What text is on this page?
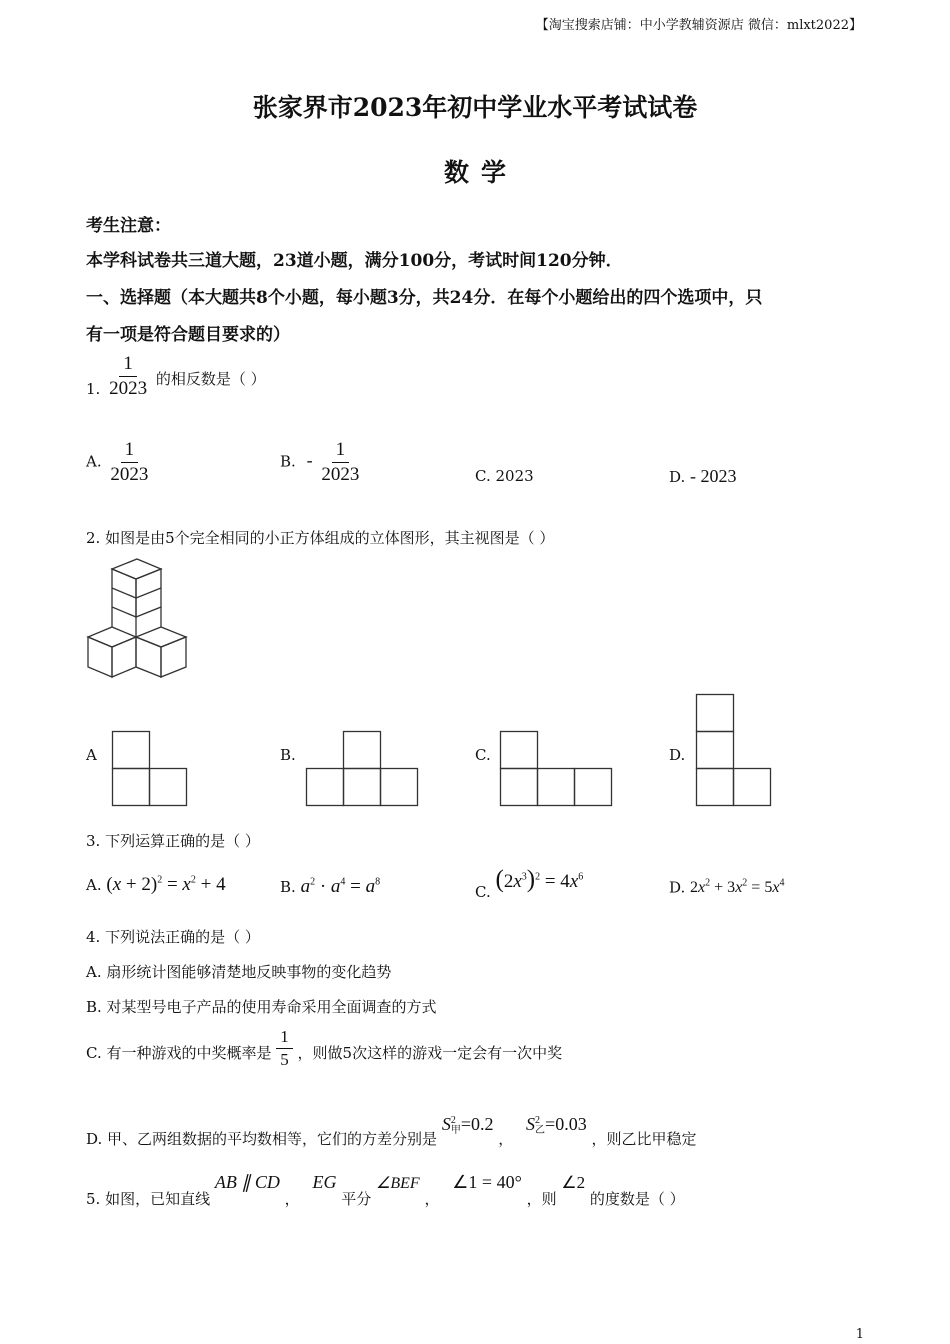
【淘宝搜索店铺：中小学教辅资源店 微信：mlxt2022】
张家界市2023年初中学业水平考试试卷
数学
考生注意：
本学科试卷共三道大题，23道小题，满分100分，考试时间120分钟．
一、选择题（本大题共8个小题，每小题3分，共24分．在每个小题给出的四个选项中，只
有一项是符合题目要求的）
1. $\frac{1}{2023}$ 的相反数是（ ）
A. $\frac{1}{2023}$	B. - $\frac{1}{2023}$	C. 2023	D. - 2023
2. 如图是由5个完全相同的小正方体组成的立体图形，其主视图是（ ）
A	B.	C.	D.
3. 下列运算正确的是（ ）
A. $(x + 2)^2 = x^2 + 4$	B. $a^2 \cdot a^4 = a^8$
C. $(2x^3)^2 = 4x^6$
D. $2x^2 + 3x^2 = 5x^4$
4. 下列说法正确的是（ ）
A. 扇形统计图能够清楚地反映事物的变化趋势
B. 对某型号电子产品的使用寿命采用全面调查的方式
C. 有一种游戏的中奖概率是 $\frac{1}{5}$ ，则做5次这样的游戏一定会有一次中奖
D. 甲、乙两组数据的平均数相等，它们的方差分别是 S 2
甲 =0.2 ， S 2
乙 =0.03 ，则乙比甲稳定
5. 如图，已知直线 AB ∥ CD ， EG 平分 ∠BEF ， ∠1 = 40° ，则 ∠2 的度数是（ ）
1
